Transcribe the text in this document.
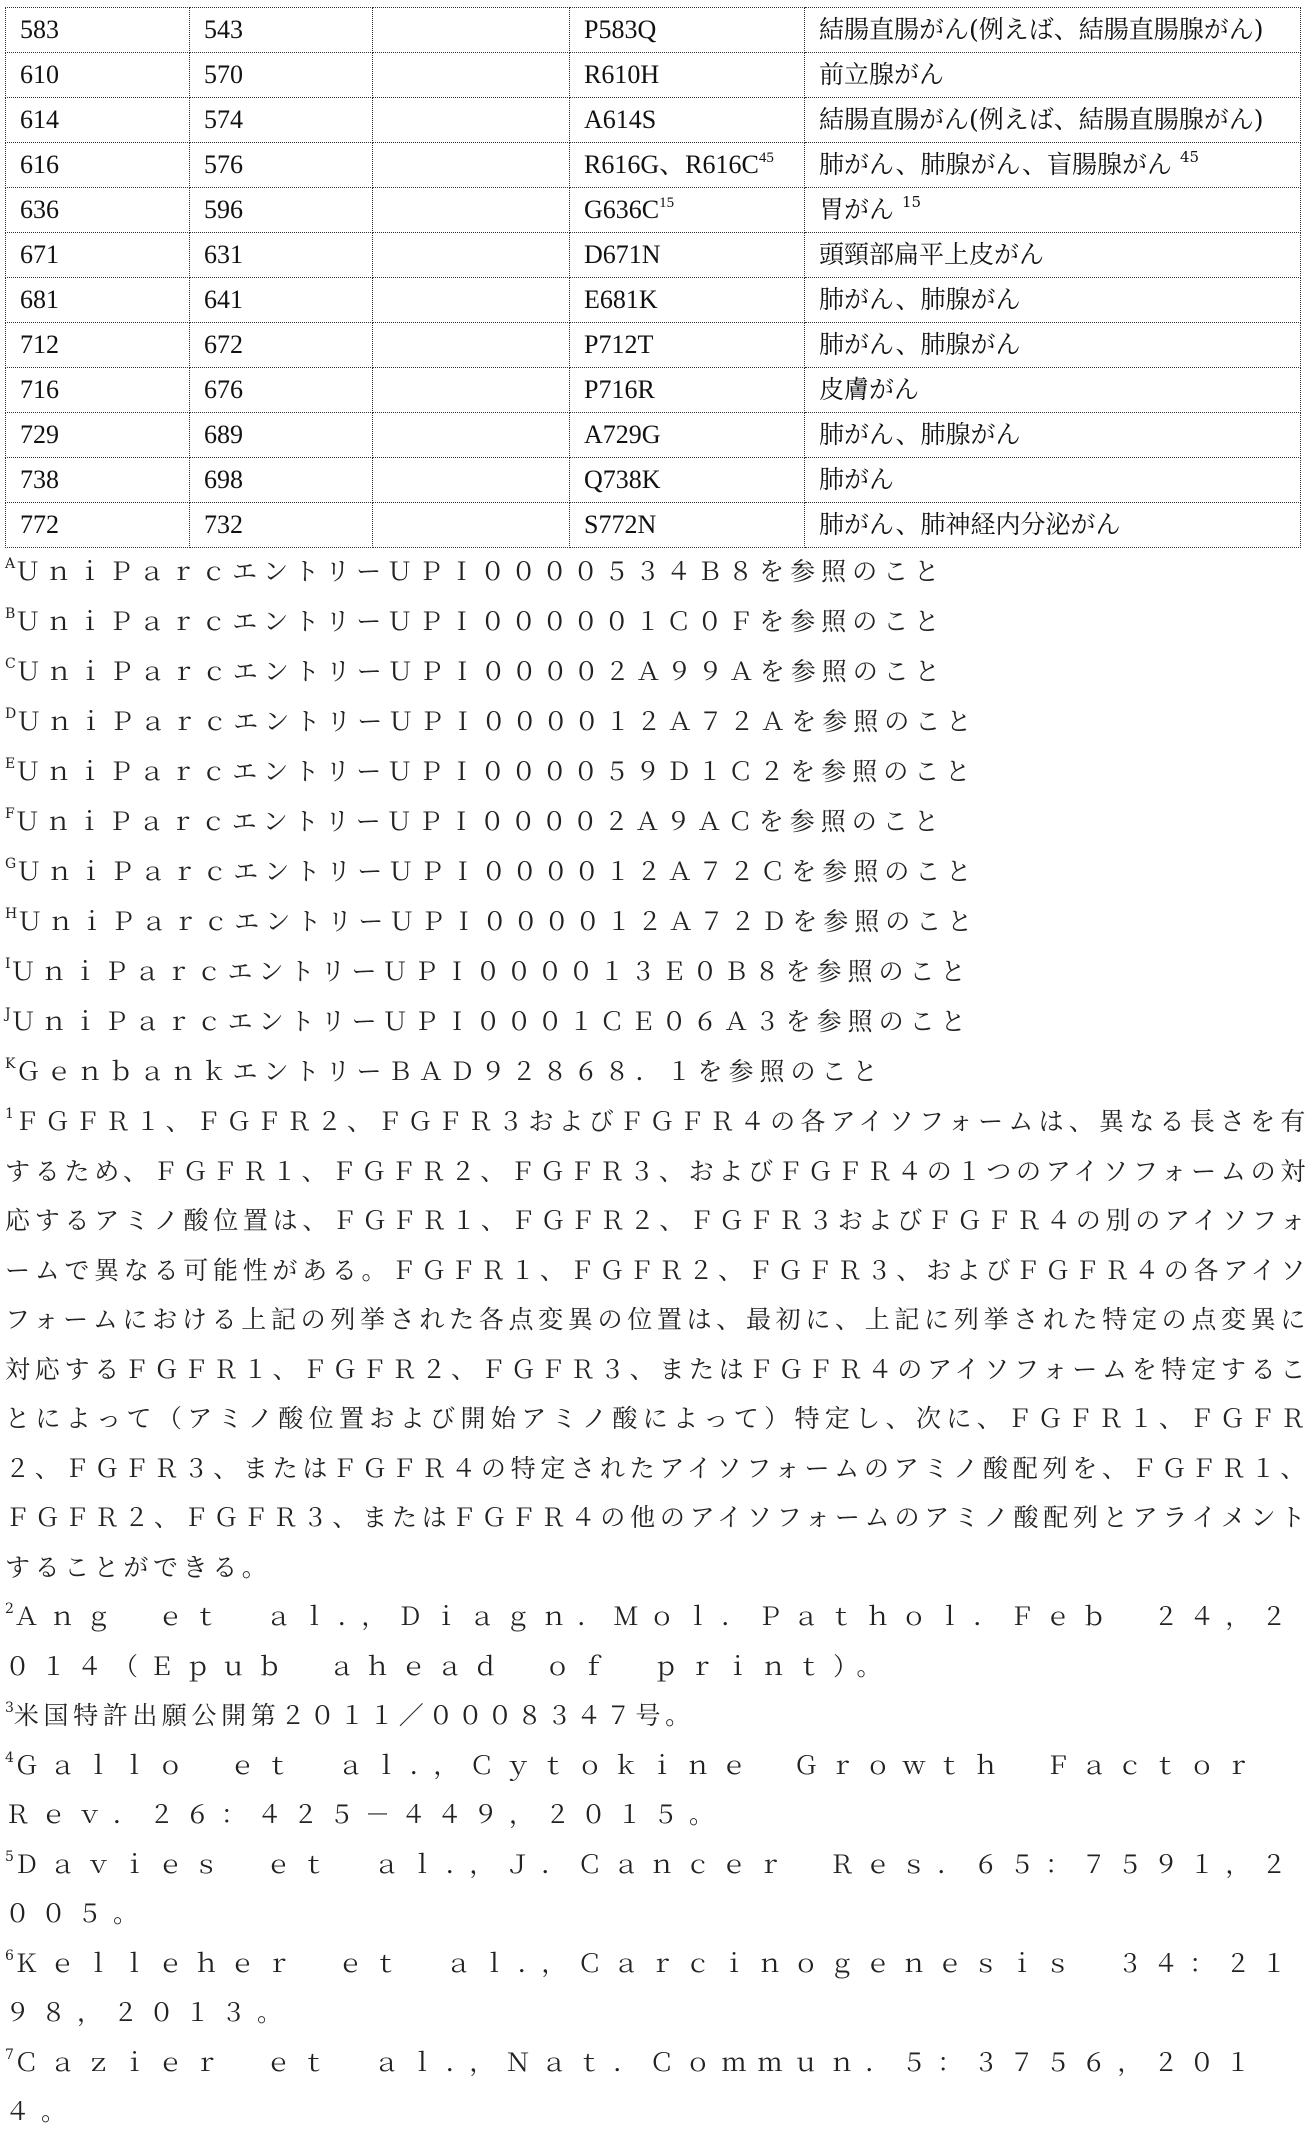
583	543		P583Q	結腸直腸がん(例えば、結腸直腸腺がん)
610	570		R610H	前立腺がん
614	574		A614S	結腸直腸がん(例えば、結腸直腸腺がん)
616	576		R616G、$R616C^{45}$	肺がん、肺腺がん、盲腸腺がん $^{45}$
636	596		$G636C^{15}$	胃がん $^{15}$
671	631		D671N	頭頸部扁平上皮がん
681	641		E681K	肺がん、肺腺がん
712	672		P712T	肺がん、肺腺がん
716	676		P716R	皮膚がん
729	689		A729G	肺がん、肺腺がん
738	698		Q738K	肺がん
772	732		S772N	肺がん、肺神経内分泌がん
$^A$ＵｎｉＰａｒｃエントリーＵＰＩ００００５３４Ｂ８を参照のこと
$^B$ＵｎｉＰａｒｃエントリーＵＰＩ０００００１Ｃ０Ｆを参照のこと
$^C$ＵｎｉＰａｒｃエントリーＵＰＩ００００２Ａ９９Ａを参照のこと
$^D$ＵｎｉＰａｒｃエントリーＵＰＩ００００１２Ａ７２Ａを参照のこと
$^E$ＵｎｉＰａｒｃエントリーＵＰＩ００００５９Ｄ１Ｃ２を参照のこと
$^F$ＵｎｉＰａｒｃエントリーＵＰＩ００００２Ａ９ＡＣを参照のこと
$^G$ＵｎｉＰａｒｃエントリーＵＰＩ００００１２Ａ７２Ｃを参照のこと
$^H$ＵｎｉＰａｒｃエントリーＵＰＩ００００１２Ａ７２Ｄを参照のこと
$^I$ＵｎｉＰａｒｃエントリーＵＰＩ００００１３Ｅ０Ｂ８を参照のこと
$^J$ＵｎｉＰａｒｃエントリーＵＰＩ０００１ＣＥ０６Ａ３を参照のこと
$^K$ＧｅｎｂａｎｋエントリーＢＡＤ９２８６８．１を参照のこと
$^1$ＦＧＦＲ１、ＦＧＦＲ２、ＦＧＦＲ３およびＦＧＦＲ４の各アイソフォームは、異なる長さを有するため、ＦＧＦＲ１、ＦＧＦＲ２、ＦＧＦＲ３、およびＦＧＦＲ４の１つのアイソフォームの対応するアミノ酸位置は、ＦＧＦＲ１、ＦＧＦＲ２、ＦＧＦＲ３およびＦＧＦＲ４の別のアイソフォームで異なる可能性がある。ＦＧＦＲ１、ＦＧＦＲ２、ＦＧＦＲ３、およびＦＧＦＲ４の各アイソフォームにおける上記の列挙された各点変異の位置は、最初に、上記に列挙された特定の点変異に対応するＦＧＦＲ１、ＦＧＦＲ２、ＦＧＦＲ３、またはＦＧＦＲ４のアイソフォームを特定することによって（アミノ酸位置および開始アミノ酸によって）特定し、次に、ＦＧＦＲ１、ＦＧＦＲ２、ＦＧＦＲ３、またはＦＧＦＲ４の特定されたアイソフォームのアミノ酸配列を、ＦＧＦＲ１、ＦＧＦＲ２、ＦＧＦＲ３、またはＦＧＦＲ４の他のアイソフォームのアミノ酸配列とアライメントすることができる。
$^2$Ａｎｇ　ｅｔ　ａｌ．，Ｄｉａｇｎ．Ｍｏｌ．Ｐａｔｈｏｌ．Ｆｅｂ　２４，２０１４（Ｅｐｕｂ　ａｈｅａｄ　ｏｆ　ｐｒｉｎｔ）。
$^3$米国特許出願公開第２０１１／０００８３４７号。
$^4$Ｇａｌｌｏ　ｅｔ　ａｌ．，Ｃｙｔｏｋｉｎｅ　Ｇｒｏｗｔｈ　Ｆａｃｔｏｒ　Ｒｅｖ．２６：４２５－４４９，２０１５。
$^5$Ｄａｖｉｅｓ　ｅｔ　ａｌ．，Ｊ．Ｃａｎｃｅｒ　Ｒｅｓ．６５：７５９１，２００５。
$^6$Ｋｅｌｌｅｈｅｒ　ｅｔ　ａｌ．，Ｃａｒｃｉｎｏｇｅｎｅｓｉｓ　３４：２１９８，２０１３。
$^7$Ｃａｚｉｅｒ　ｅｔ　ａｌ．，Ｎａｔ．Ｃｏｍｍｕｎ．５：３７５６，２０１４。
